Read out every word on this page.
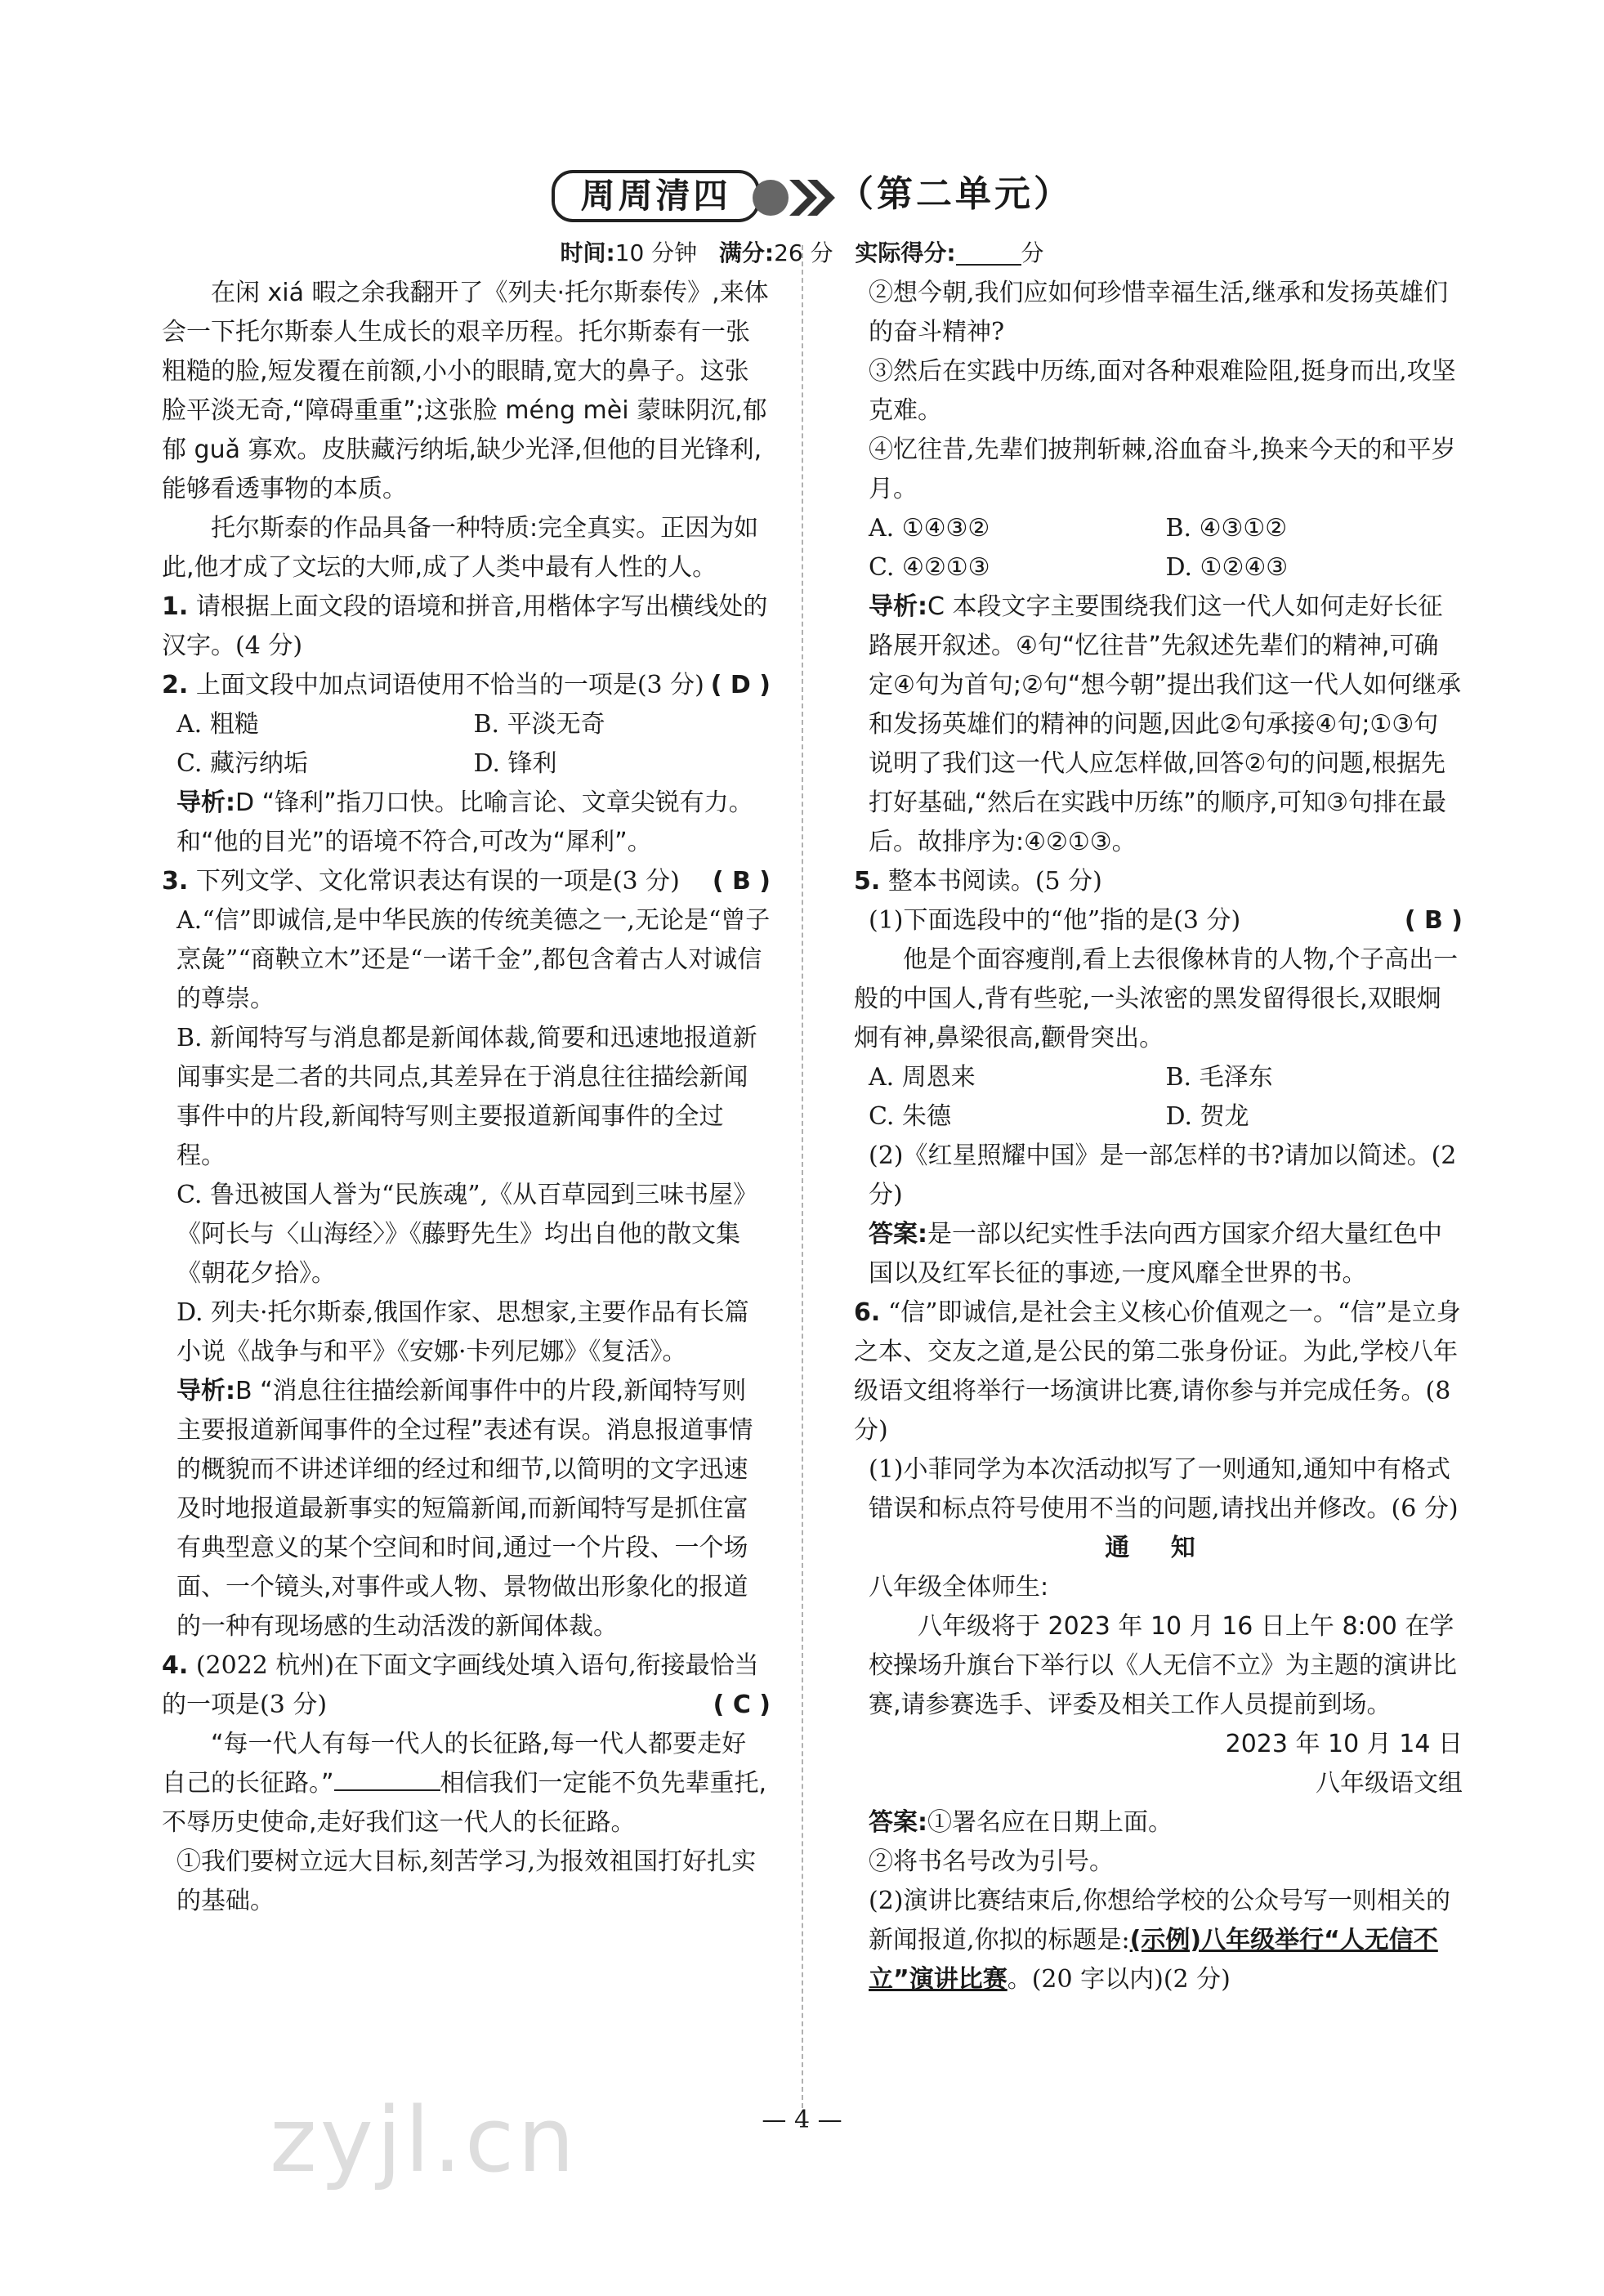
周周清四	（第二单元）
时间:10 分钟 满分:26 分 实际得分:	分

在闲 xiá 暇之余我翻开了《列夫·托尔斯泰传》,来体会一下托尔斯泰人生成长的艰辛历程。托尔斯泰有一张粗糙的脸,短发覆在前额,小小的眼睛,宽大的鼻子。这张脸平淡无奇,“障碍重重”;这张脸 méng mèi 蒙昧阴沉,郁郁 guǎ 寡欢。皮肤藏污纳垢,缺少光泽,但他的目光锋利,能够看透事物的本质。

托尔斯泰的作品具备一种特质:完全真实。正因为如此,他才成了文坛的大师,成了人类中最有人性的人。

1. 请根据上面文段的语境和拼音,用楷体字写出横线处的汉字。(4 分)
2. 上面文段中加点词语使用不恰当的一项是(3 分) ( D )
A. 粗糙	B. 平淡无奇
C. 藏污纳垢	D. 锋利

导析:D “锋利”指刀口快。比喻言论、文章尖锐有力。和“他的目光”的语境不符合,可改为“犀利”。

3. 下列文学、文化常识表达有误的一项是(3 分) ( B )

A.“信”即诚信,是中华民族的传统美德之一,无论是“曾子烹彘”“商鞅立木”还是“一诺千金”,都包含着古人对诚信的尊崇。

B. 新闻特写与消息都是新闻体裁,简要和迅速地报道新闻事实是二者的共同点,其差异在于消息往往描绘新闻事件中的片段,新闻特写则主要报道新闻事件的全过程。

C. 鲁迅被国人誉为“民族魂”,《从百草园到三味书屋》《阿长与〈山海经〉》《藤野先生》均出自他的散文集《朝花夕拾》。

D. 列夫·托尔斯泰,俄国作家、思想家,主要作品有长篇小说《战争与和平》《安娜·卡列尼娜》《复活》。

导析:B “消息往往描绘新闻事件中的片段,新闻特写则主要报道新闻事件的全过程”表述有误。消息报道事情的概貌而不讲述详细的经过和细节,以简明的文字迅速及时地报道最新事实的短篇新闻,而新闻特写是抓住富有典型意义的某个空间和时间,通过一个片段、一个场面、一个镜头,对事件或人物、景物做出形象化的报道的一种有现场感的生动活泼的新闻体裁。

4. (2022 杭州)在下面文字画线处填入语句,衔接最恰当的一项是(3 分)	( C )

“每一代人有每一代人的长征路,每一代人都要走好自己的长征路。”	相信我们一定能不负先辈重托,不辱历史使命,走好我们这一代人的长征路。

①我们要树立远大目标,刻苦学习,为报效祖国打好扎实的基础。

②想今朝,我们应如何珍惜幸福生活,继承和发扬英雄们的奋斗精神?

③然后在实践中历练,面对各种艰难险阻,挺身而出,攻坚克难。

④忆往昔,先辈们披荆斩棘,浴血奋斗,换来今天的和平岁月。

A. ①④③②	B. ④③①②
C. ④②①③	D. ①②④③

导析:C 本段文字主要围绕我们这一代人如何走好长征路展开叙述。④句“忆往昔”先叙述先辈们的精神,可确定④句为首句;②句“想今朝”提出我们这一代人如何继承和发扬英雄们的精神的问题,因此②句承接④句;①③句说明了我们这一代人应怎样做,回答②句的问题,根据先打好基础,“然后在实践中历练”的顺序,可知③句排在最后。故排序为:④②①③。

5. 整本书阅读。(5 分)

(1)下面选段中的“他”指的是(3 分)	( B )

他是个面容瘦削,看上去很像林肯的人物,个子高出一般的中国人,背有些驼,一头浓密的黑发留得很长,双眼炯炯有神,鼻梁很高,颧骨突出。

A. 周恩来	B. 毛泽东
C. 朱德	D. 贺龙

(2)《红星照耀中国》是一部怎样的书?请加以简述。(2 分)

答案:是一部以纪实性手法向西方国家介绍大量红色中国以及红军长征的事迹,一度风靡全世界的书。

6. “信”即诚信,是社会主义核心价值观之一。“信”是立身之本、交友之道,是公民的第二张身份证。为此,学校八年级语文组将举行一场演讲比赛,请你参与并完成任务。(8 分)

(1)小菲同学为本次活动拟写了一则通知,通知中有格式错误和标点符号使用不当的问题,请找出并修改。(6 分)

通 知

八年级全体师生:

八年级将于 2023 年 10 月 16 日上午 8:00 在学校操场升旗台下举行以《人无信不立》为主题的演讲比赛,请参赛选手、评委及相关工作人员提前到场。

2023 年 10 月 14 日

八年级语文组

答案:①署名应在日期上面。

②将书名号改为引号。

(2)演讲比赛结束后,你想给学校的公众号写一则相关的新闻报道,你拟的标题是:(示例)八年级举行“人无信不立”演讲比赛。(20 字以内)(2 分)

zyjl.cn	— 4 —
